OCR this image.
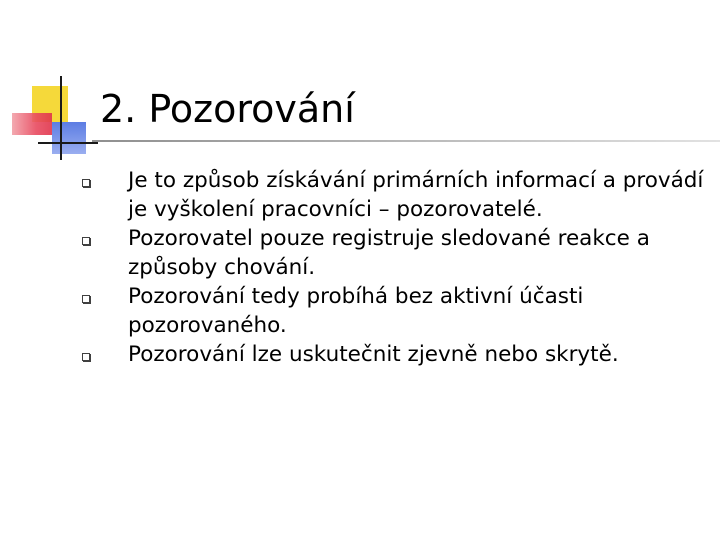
2. Pozorování
Je to způsob získávání primárních informací a provádí je vyškolení pracovníci – pozorovatelé.
Pozorovatel pouze registruje sledované reakce a způsoby chování.
Pozorování tedy probíhá bez aktivní účasti pozorovaného.
Pozorování lze uskutečnit zjevně nebo skrytě.
